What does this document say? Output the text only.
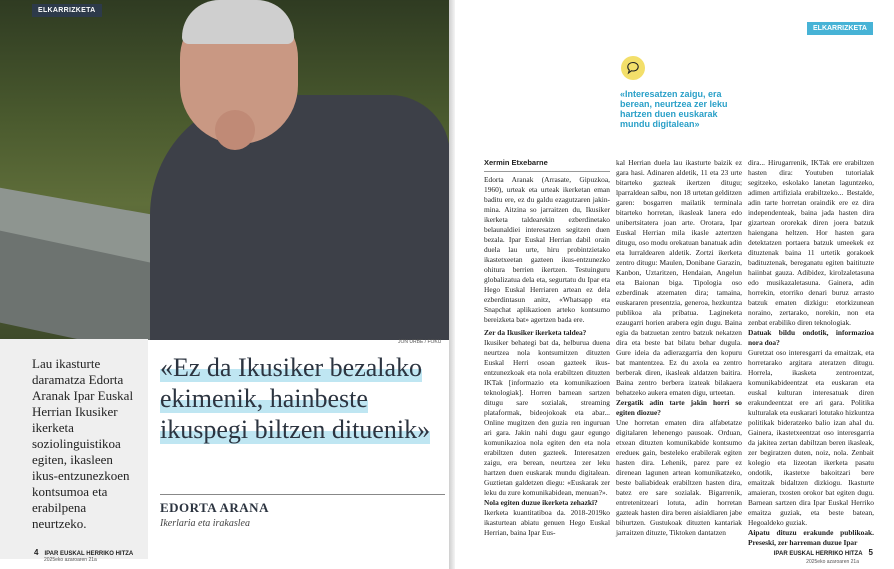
ELKARRIZKETA
JON URBE / FOKU
Lau ikasturte daramatza Edorta Aranak Ipar Euskal Herrian Ikusiker ikerketa soziolinguistikoa egiten, ikasleen ikus-entzunezkoen kontsumoa eta erabilpena neurtzeko.
«Ez da Ikusiker bezalako ekimenik, hainbeste ikuspegi biltzen dituenik»
EDORTA ARANA
Ikerlaria eta irakaslea
4 IPAR EUSKAL HERRIKO HITZA
2025eko azaroaren 21a
ELKARRIZKETA
«Interesatzen zaigu, era berean, neurtzea zer leku hartzen duen euskarak mundu digitalean»
Xermin Etxebarne

Edorta Aranak (Arrasate, Gipuzkoa, 1960), urteak eta urteak ikerketan eman baditu ere, ez du galdu ezagutzaren jakin-mina. Aitzina so jarraitzen du, Ikusiker ikerketa taldearekin ezberdinetako belaunaldiei interesatzen segitzen duen bezala. Ipar Euskal Herrian dabil orain duela lau urte, hiru probintzietako ikastetxeetan gazteen ikus-entzunezko ohitura berrien ikertzen. Testuinguru globalizatua dela eta, segurtatu du Ipar eta Hego Euskal Herriaren artean ez dela ezberdintasun anitz, «Whatsapp eta Snapchat aplikazioen arteko kontsumo bereizketa bat» agertzen bada ere.

Zer da Ikusiker ikerketa taldea?

Ikusiker behategi bat da, helburua duena neurtzea nola kontsumitzen dituzten Euskal Herri osoan gazteek ikus-entzunezkoak eta nola erabiltzen dituzten IKTak [informazio eta komunikazioen teknologiak]. Horren barnean sartzen ditugu sare sozialak, streaming plataformak, bideojokoak eta abar... Online mugitzen den guzia ren inguruan ari gara. Jakin nahi dugu gaur egungo komunikazioa nola egiten den eta nola erabiltzen duten gazteek. Interesatzen zaigu, era berean, neurtzea zer leku hartzen duen euskarak mundu digitalean. Guztietan galdetzen diegu: «Euskarak zer leku du zure komunikabidean, menuan?».

Nola egiten duzue ikerketa zehazki?

Ikerketa kuantitatiboa da. 2018-2019ko ikasturtean abiatu genuen Hego Euskal Herrian, baina Ipar Eus-

kal Herrian duela lau ikasturte baizik ez gara hasi. Adinaren aldetik, 11 eta 23 urte bitarteko gazteak ikertzen ditugu; lparraldean salbu, non 18 urtetan gelditzen garen: bosgarren mailatik terminala bitarteko horretan, ikasleak lanera edo unibertsitatera joan arte. Orotara, Ipar Euskal Herrian mila ikasle aztertzen ditugu, oso modu orekatuan banatuak adin eta lurraldearen aldetik. Zortzi ikerketa zentro ditugu: Maulen, Donibane Garazin, Kanbon, Uztaritzen, Hendaian, Angelun eta Baionan biga. Tipologia oso ezberdinak atzematen dira; tamaina, euskararen presentzia, generoa, hezkuntza publikoa ala pribatua. Lagineketa ezaugarri horien arabera egin dugu. Baina egia da batzuetan zentro batzuk nekatzen dira eta beste bat bilatu behar dugula. Gure ideia da adierazgarria den kopuru bat mantentzea. Ez du axola ea zentro berberak diren, ikasleak aldatzen baitira. Baina zentro berbera izateak bilakaera behatzeko aukera ematen digu, urteetan.

Zergatik adin tarte jakin horri so egiten diozue?

Une horretan ematen dira alfabetatze digitalaren lehenengo pausoak. Orduan, etxean dituzten komunikabide kontsumo eredueк gain, besteleko erabilerak egiten hasten dira. Lehenik, parez pare ez direnean lagunen artean komunikatzeko, beste baliabideak erabiltzen hasten dira, batez ere sare sozialak. Bigarrenik, entretenitzeari lotuta, adin horretan gazteak hasten dira beren aisialdiaren jabe bihurtzen. Gustukoak dituzten kantariak jarraitzen dituzte, Tiktoken dantatzen

dira... Hirugarrenik, IKTak ere erabiltzen hasten dira: Youtuben tutorialak segitzeko, eskolako lanetan laguntzeko, adimen artifiziala erabiltzeko... Bestalde, adin tarte horretan oraindik ere ez dira independenteak, baina jada hasten dira gizartean ororekak diren joera batzuk haiengana heltzen. Hor hasten gara detektatzen portaera batzuk umeekek ez dituztenak baina 11 urtetik gorakoek badituztenak, bereganatu egiten baitituzte haiinbat gauza. Adibidez, kirolzaletasuna edo musikazaletasuna. Gainera, adin horrekin, etorriko denari buruz arrasto batzuk ematen dizkigu: etorkizunean noraino, zertarako, norekin, non eta zenbat erabiliko diren teknologiak.

Datuak bildu ondotik, informazioa nora doa?

Guretzat oso interesgarri da emaitzak, eta horretarako argitara ateratzen ditugu. Horrela, ikasketa zentroentzat, komunikabideentzat eta euskaran eta euskal kulturan interesatuak diren erakundeentzat ere ari gara. Politika kulturalak eta euskarari lotutako hizkuntza politikak bideratzeko balio izan ahal du. Gainera, ikastetxeentzat oso interesgarria da jakitea zertan dabiltzan beren ikasleak, zer begiratzen duten, noiz, nola. Zenbait kolegio eta lizeotan ikerketa pasatu ondotik, ikastetxe bakoitzari bere emaitzak bidaltzen dizkiogu. Ikasturte amaieran, txosten orokor bat egiten dugu. Barnean sartzen dira Ipar Euskal Herriko emaitza guziak, eta beste batean, Hegoaldeko guziak.

Aipatu dituzu erakunde publikoak. Preseski, zer harreman duzue Ipar

IPAR EUSKAL HERRIKO HITZA 5
2025eko azaroaren 21a
